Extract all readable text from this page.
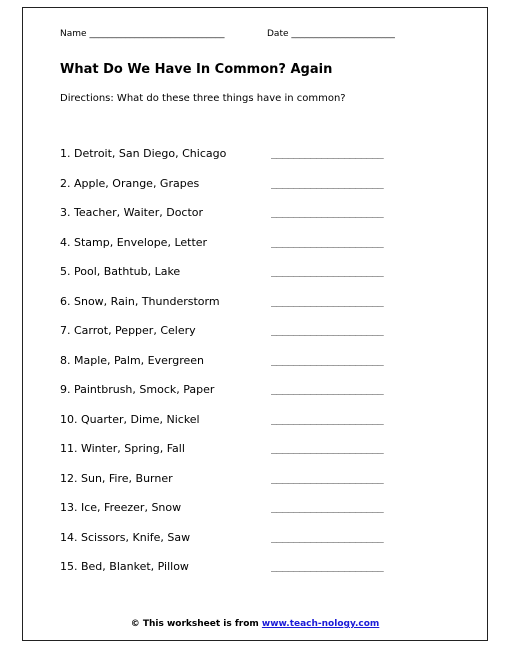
Name ______________________________	Date _______________________
What Do We Have In Common? Again
Directions: What do these three things have in common?
1. Detroit, San Diego, Chicago	____________________
2. Apple, Orange, Grapes	____________________
3. Teacher, Waiter, Doctor	____________________
4. Stamp, Envelope, Letter	____________________
5. Pool, Bathtub, Lake	____________________
6. Snow, Rain, Thunderstorm	____________________
7. Carrot, Pepper, Celery	____________________
8. Maple, Palm, Evergreen	____________________
9. Paintbrush, Smock, Paper	____________________
10. Quarter, Dime, Nickel	____________________
11. Winter, Spring, Fall	____________________
12. Sun, Fire, Burner	____________________
13. Ice, Freezer, Snow	____________________
14. Scissors, Knife, Saw	____________________
15. Bed, Blanket, Pillow	____________________
© This worksheet is from www.teach-nology.com
